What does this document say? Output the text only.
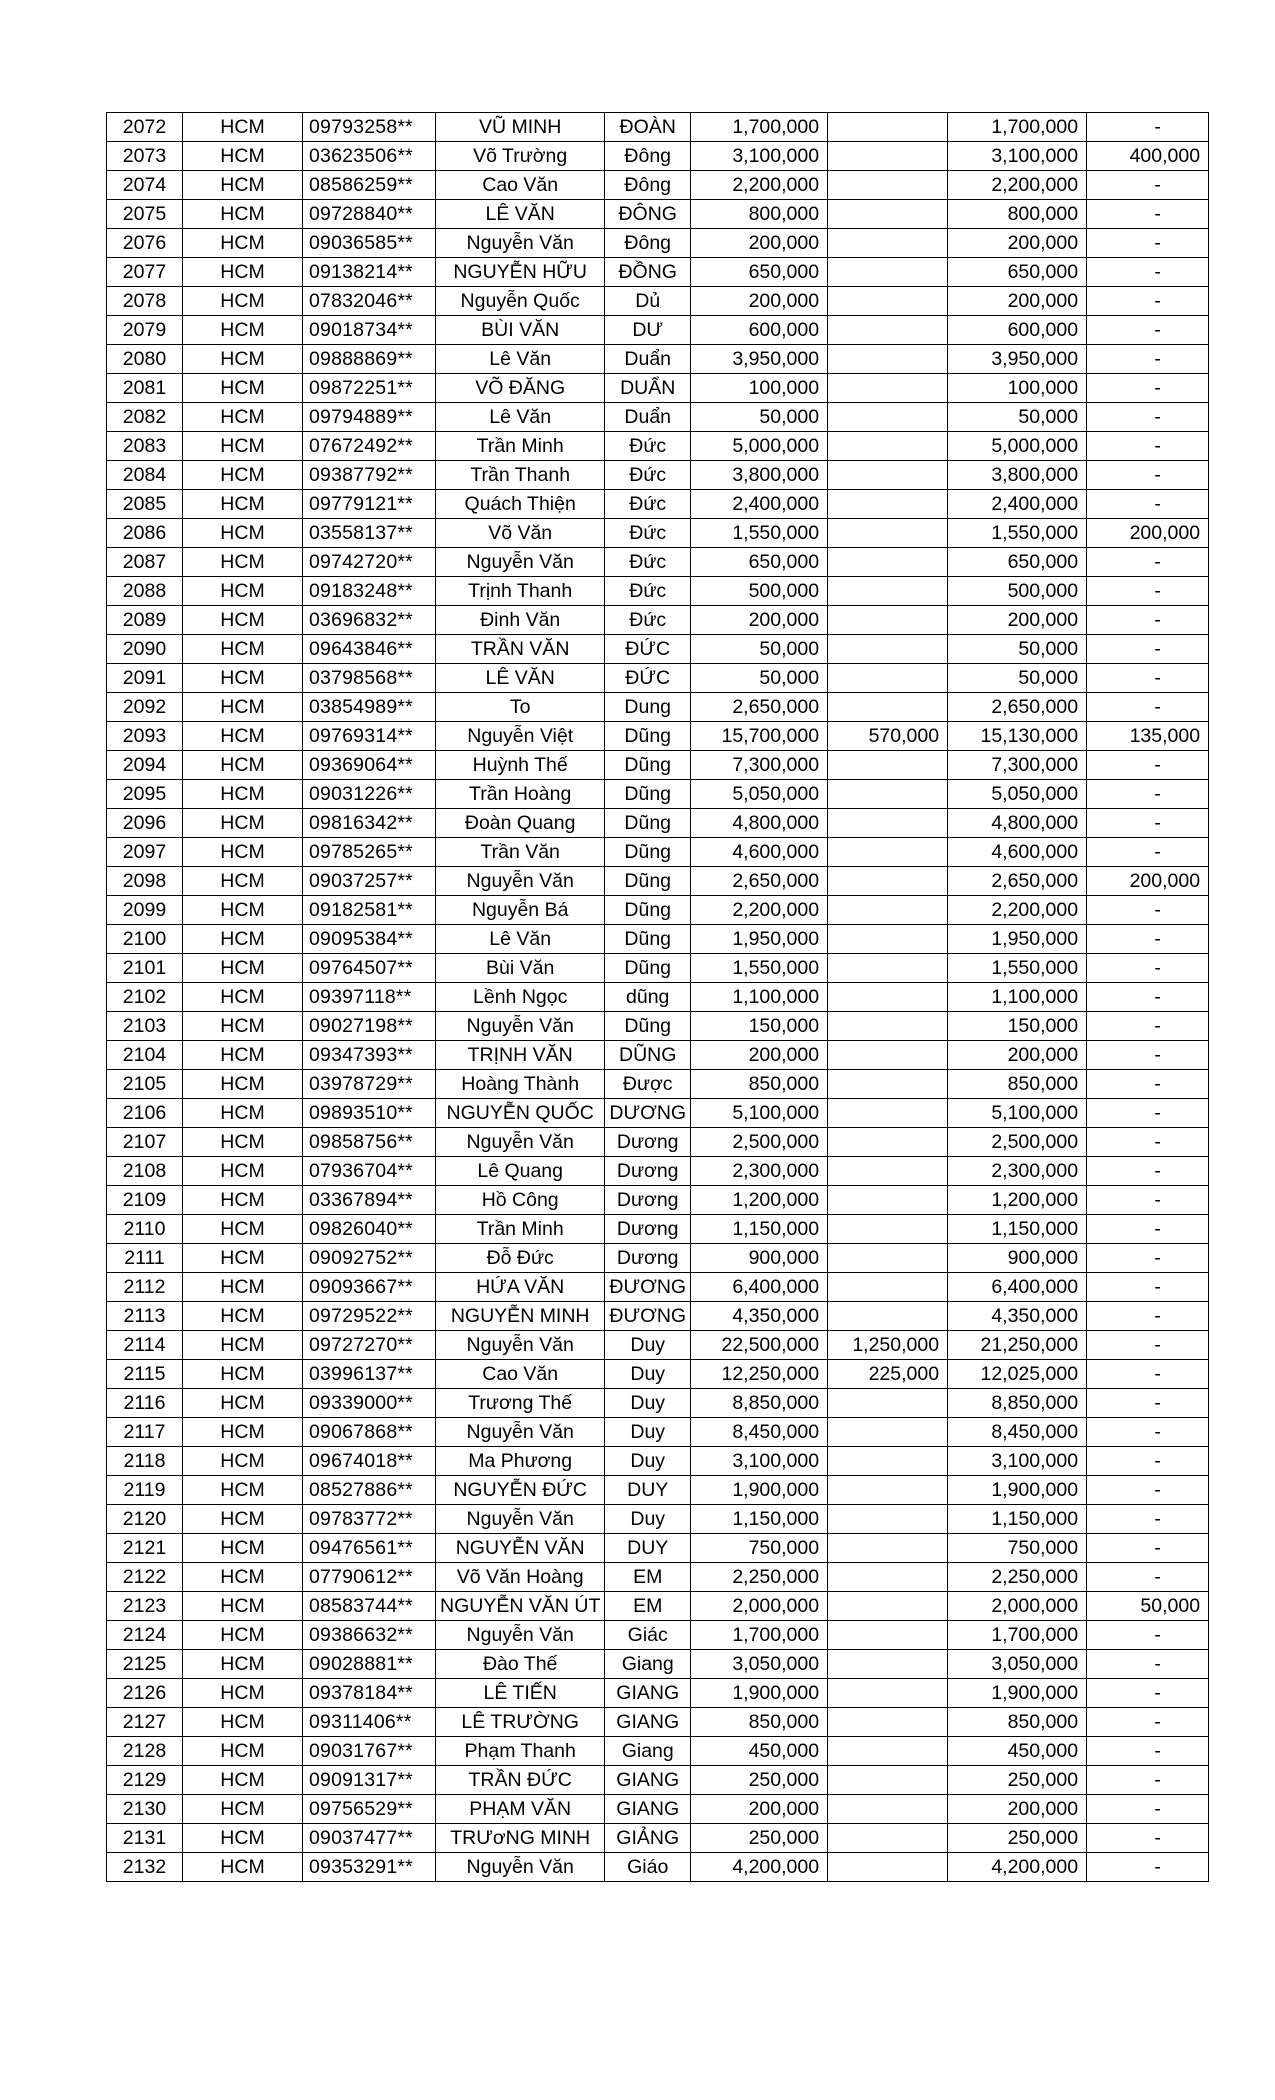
2072	HCM	09793258**	VŨ MINH	ĐOÀN	1,700,000		1,700,000	-
2073	HCM	03623506**	Võ Trường	Đông	3,100,000		3,100,000	400,000
2074	HCM	08586259**	Cao Văn	Đông	2,200,000		2,200,000	-
2075	HCM	09728840**	LÊ VĂN	ĐÔNG	800,000		800,000	-
2076	HCM	09036585**	Nguyễn Văn	Đông	200,000		200,000	-
2077	HCM	09138214**	NGUYỄN HỮU	ĐỒNG	650,000		650,000	-
2078	HCM	07832046**	Nguyễn Quốc	Dủ	200,000		200,000	-
2079	HCM	09018734**	BÙI VĂN	DƯ	600,000		600,000	-
2080	HCM	09888869**	Lê Văn	Duẩn	3,950,000		3,950,000	-
2081	HCM	09872251**	VÕ ĐĂNG	DUẨN	100,000		100,000	-
2082	HCM	09794889**	Lê Văn	Duẩn	50,000		50,000	-
2083	HCM	07672492**	Trần Minh	Đức	5,000,000		5,000,000	-
2084	HCM	09387792**	Trần Thanh	Đức	3,800,000		3,800,000	-
2085	HCM	09779121**	Quách Thiện	Đức	2,400,000		2,400,000	-
2086	HCM	03558137**	Võ Văn	Đức	1,550,000		1,550,000	200,000
2087	HCM	09742720**	Nguyễn Văn	Đức	650,000		650,000	-
2088	HCM	09183248**	Trịnh Thanh	Đức	500,000		500,000	-
2089	HCM	03696832**	Đinh Văn	Đức	200,000		200,000	-
2090	HCM	09643846**	TRẦN VĂN	ĐỨC	50,000		50,000	-
2091	HCM	03798568**	LÊ VĂN	ĐỨC	50,000		50,000	-
2092	HCM	03854989**	To	Dung	2,650,000		2,650,000	-
2093	HCM	09769314**	Nguyễn Việt	Dũng	15,700,000	570,000	15,130,000	135,000
2094	HCM	09369064**	Huỳnh Thế	Dũng	7,300,000		7,300,000	-
2095	HCM	09031226**	Trần Hoàng	Dũng	5,050,000		5,050,000	-
2096	HCM	09816342**	Đoàn Quang	Dũng	4,800,000		4,800,000	-
2097	HCM	09785265**	Trần Văn	Dũng	4,600,000		4,600,000	-
2098	HCM	09037257**	Nguyễn Văn	Dũng	2,650,000		2,650,000	200,000
2099	HCM	09182581**	Nguyễn Bá	Dũng	2,200,000		2,200,000	-
2100	HCM	09095384**	Lê Văn	Dũng	1,950,000		1,950,000	-
2101	HCM	09764507**	Bùi Văn	Dũng	1,550,000		1,550,000	-
2102	HCM	09397118**	Lềnh Ngọc	dũng	1,100,000		1,100,000	-
2103	HCM	09027198**	Nguyễn Văn	Dũng	150,000		150,000	-
2104	HCM	09347393**	TRỊNH VĂN	DŨNG	200,000		200,000	-
2105	HCM	03978729**	Hoàng Thành	Được	850,000		850,000	-
2106	HCM	09893510**	NGUYỄN QUỐC	DƯƠNG	5,100,000		5,100,000	-
2107	HCM	09858756**	Nguyễn Văn	Dương	2,500,000		2,500,000	-
2108	HCM	07936704**	Lê Quang	Dương	2,300,000		2,300,000	-
2109	HCM	03367894**	Hồ Công	Dương	1,200,000		1,200,000	-
2110	HCM	09826040**	Trần Minh	Dương	1,150,000		1,150,000	-
2111	HCM	09092752**	Đỗ Đức	Dương	900,000		900,000	-
2112	HCM	09093667**	HỨA VĂN	ĐƯƠNG	6,400,000		6,400,000	-
2113	HCM	09729522**	NGUYỄN MINH	ĐƯƠNG	4,350,000		4,350,000	-
2114	HCM	09727270**	Nguyễn Văn	Duy	22,500,000	1,250,000	21,250,000	-
2115	HCM	03996137**	Cao Văn	Duy	12,250,000	225,000	12,025,000	-
2116	HCM	09339000**	Trương Thế	Duy	8,850,000		8,850,000	-
2117	HCM	09067868**	Nguyễn Văn	Duy	8,450,000		8,450,000	-
2118	HCM	09674018**	Ma Phương	Duy	3,100,000		3,100,000	-
2119	HCM	08527886**	NGUYỄN ĐỨC	DUY	1,900,000		1,900,000	-
2120	HCM	09783772**	Nguyễn Văn	Duy	1,150,000		1,150,000	-
2121	HCM	09476561**	NGUYỄN VĂN	DUY	750,000		750,000	-
2122	HCM	07790612**	Võ Văn Hoàng	EM	2,250,000		2,250,000	-
2123	HCM	08583744**	NGUYỄN VĂN ÚT	EM	2,000,000		2,000,000	50,000
2124	HCM	09386632**	Nguyễn Văn	Giác	1,700,000		1,700,000	-
2125	HCM	09028881**	Đào Thế	Giang	3,050,000		3,050,000	-
2126	HCM	09378184**	LÊ TIẾN	GIANG	1,900,000		1,900,000	-
2127	HCM	09311406**	LÊ TRƯỜNG	GIANG	850,000		850,000	-
2128	HCM	09031767**	Phạm Thanh	Giang	450,000		450,000	-
2129	HCM	09091317**	TRẦN ĐỨC	GIANG	250,000		250,000	-
2130	HCM	09756529**	PHẠM VĂN	GIANG	200,000		200,000	-
2131	HCM	09037477**	TRƯơNG MINH	GIẢNG	250,000		250,000	-
2132	HCM	09353291**	Nguyễn Văn	Giáo	4,200,000		4,200,000	-
